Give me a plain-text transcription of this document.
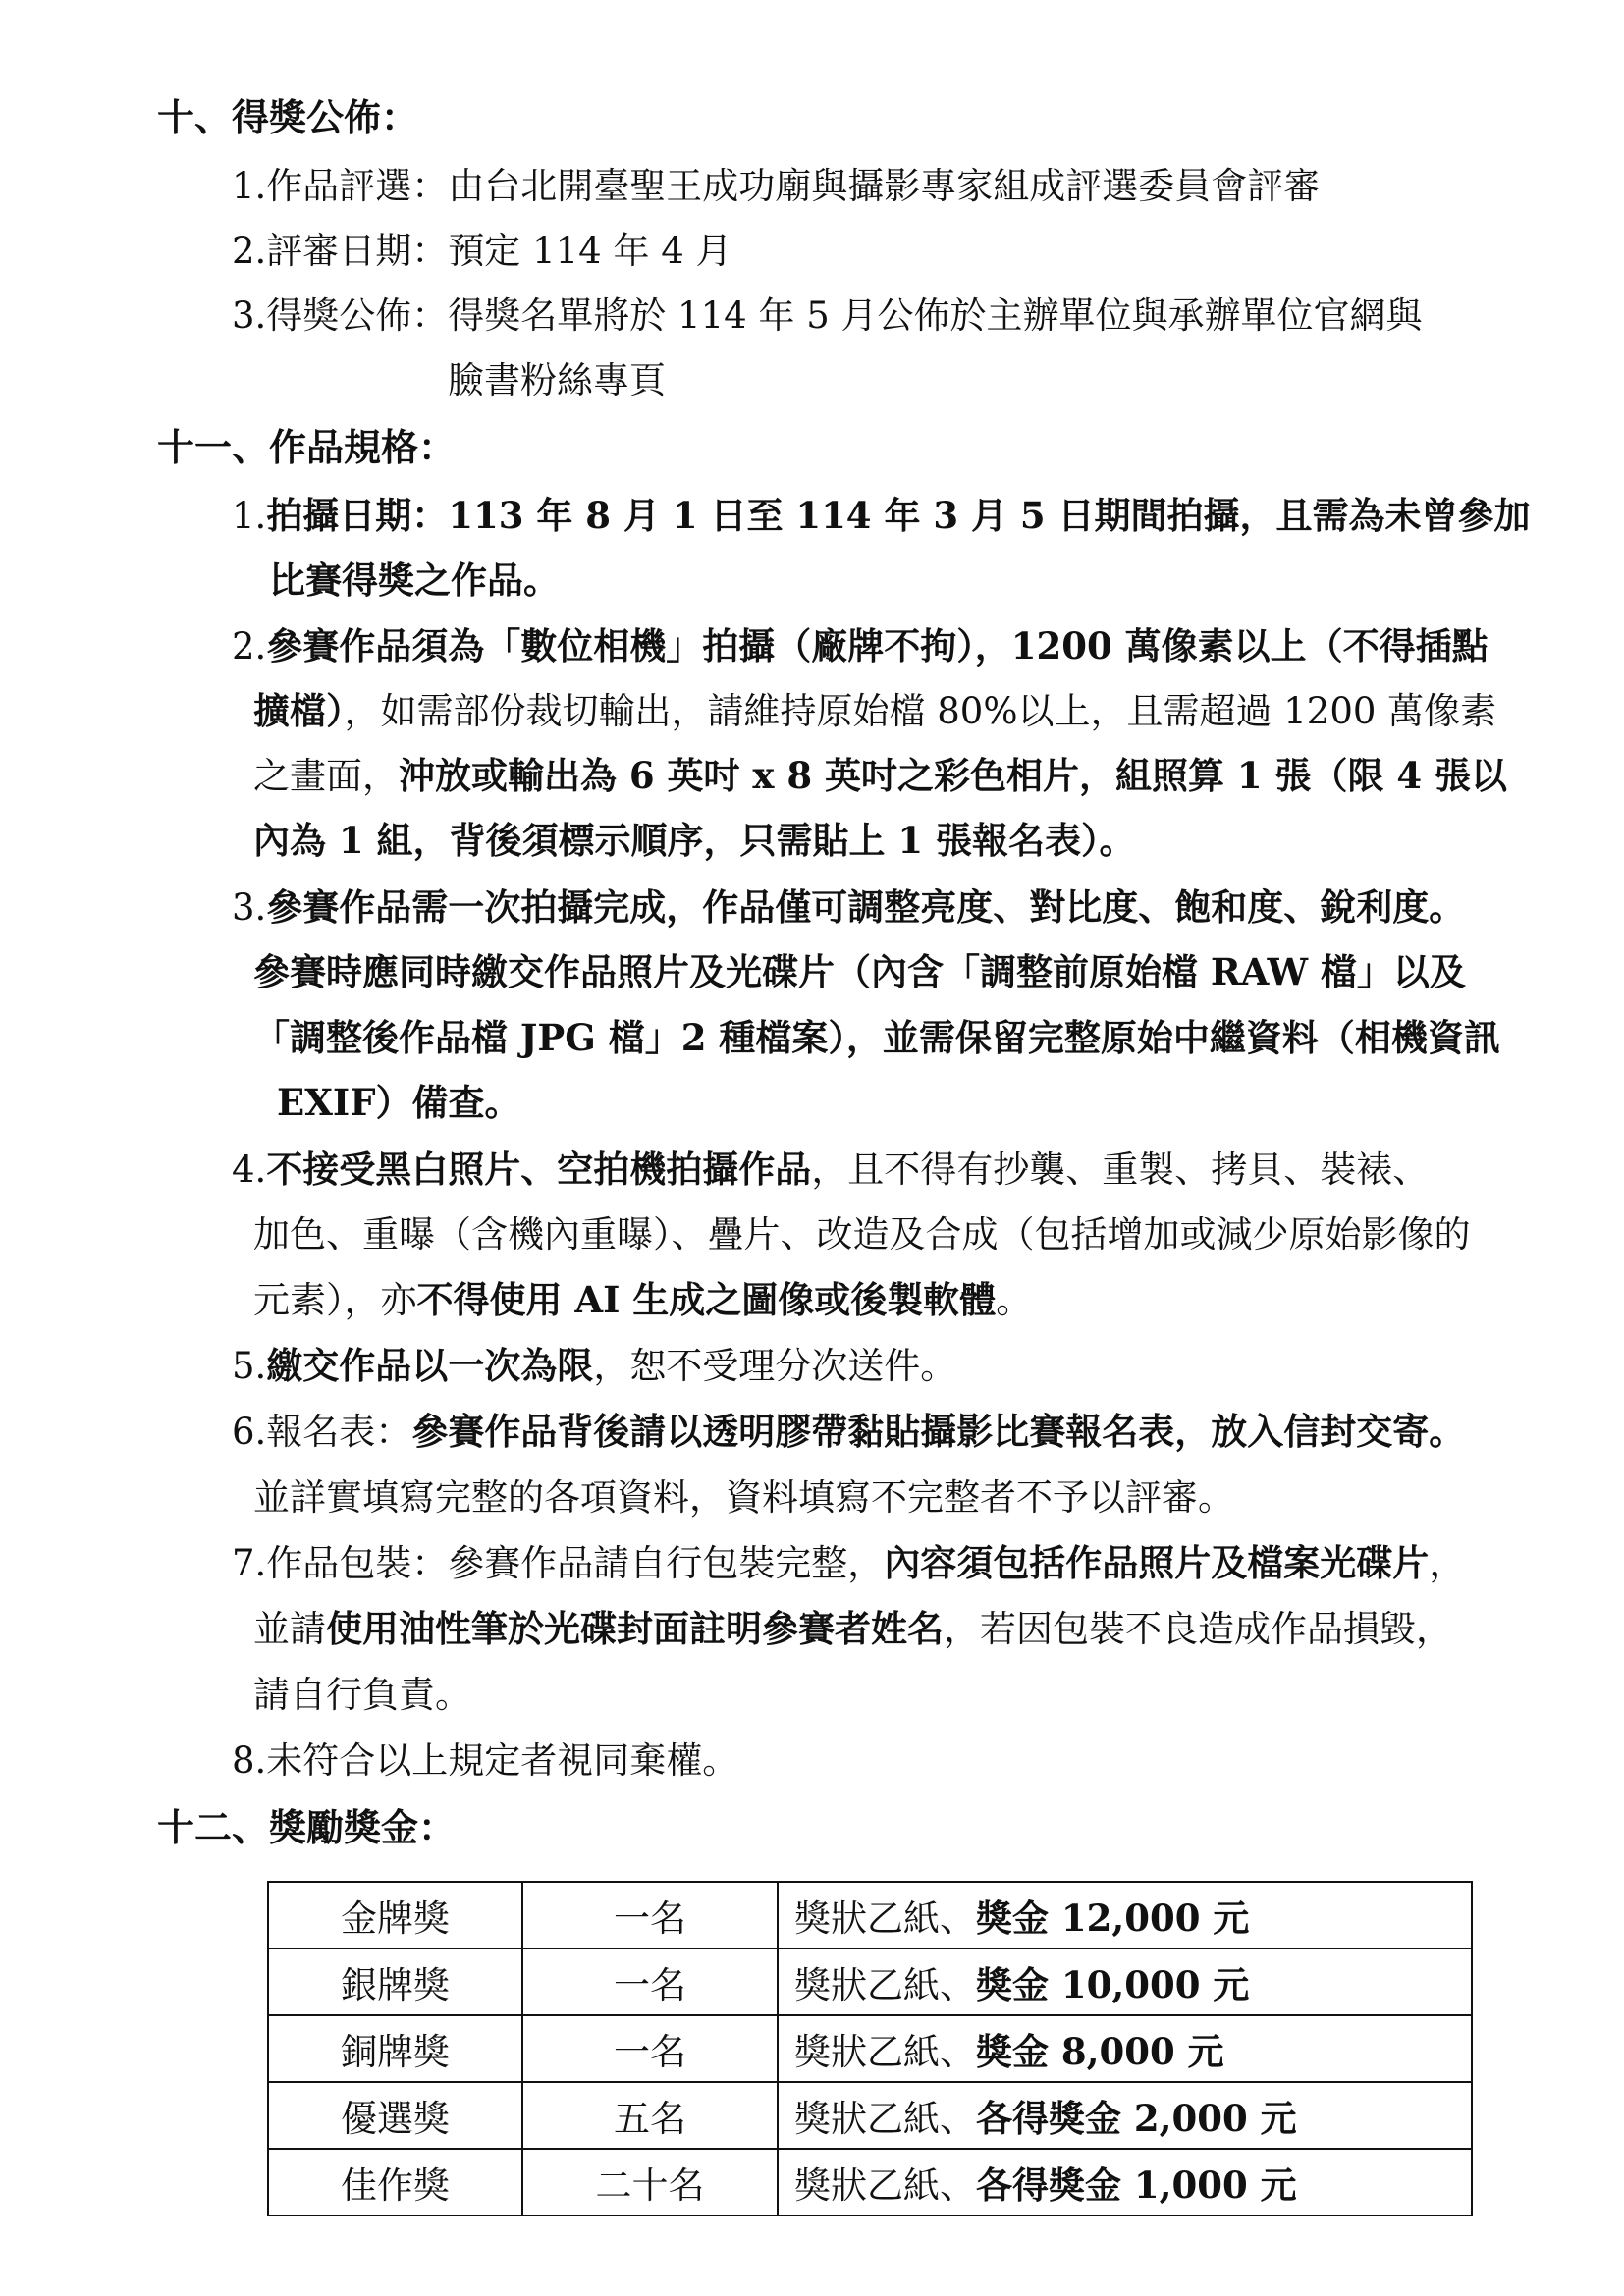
十、得獎公佈：
1.作品評選：由台北開臺聖王成功廟與攝影專家組成評選委員會評審
2.評審日期：預定 114 年 4 月
3.得獎公佈：得獎名單將於 114 年 5 月公佈於主辦單位與承辦單位官網與
臉書粉絲專頁
十一、作品規格：
1.拍攝日期：113 年 8 月 1 日至 114 年 3 月 5 日期間拍攝，且需為未曾參加
比賽得獎之作品。
2.參賽作品須為「數位相機」拍攝（廠牌不拘），1200 萬像素以上（不得插點
擴檔），如需部份裁切輸出，請維持原始檔 80%以上，且需超過 1200 萬像素
之畫面，沖放或輸出為 6 英吋 x 8 英吋之彩色相片，組照算 1 張（限 4 張以
內為 1 組，背後須標示順序，只需貼上 1 張報名表）。
3.參賽作品需一次拍攝完成，作品僅可調整亮度、對比度、飽和度、銳利度。
參賽時應同時繳交作品照片及光碟片（內含「調整前原始檔 RAW 檔」以及
「調整後作品檔 JPG 檔」2 種檔案），並需保留完整原始中繼資料（相機資訊
EXIF）備查。
4.不接受黑白照片、空拍機拍攝作品，且不得有抄襲、重製、拷貝、裝裱、
加色、重曝（含機內重曝）、疊片、改造及合成（包括增加或減少原始影像的
元素），亦不得使用 AI 生成之圖像或後製軟體。
5.繳交作品以一次為限，恕不受理分次送件。
6.報名表：參賽作品背後請以透明膠帶黏貼攝影比賽報名表，放入信封交寄。
並詳實填寫完整的各項資料，資料填寫不完整者不予以評審。
7.作品包裝：參賽作品請自行包裝完整，內容須包括作品照片及檔案光碟片，
並請使用油性筆於光碟封面註明參賽者姓名，若因包裝不良造成作品損毀，
請自行負責。
8.未符合以上規定者視同棄權。
十二、獎勵獎金：
金牌獎	一名	獎狀乙紙、獎金 12,000 元
銀牌獎	一名	獎狀乙紙、獎金 10,000 元
銅牌獎	一名	獎狀乙紙、獎金 8,000 元
優選獎	五名	獎狀乙紙、各得獎金 2,000 元
佳作獎	二十名	獎狀乙紙、各得獎金 1,000 元
